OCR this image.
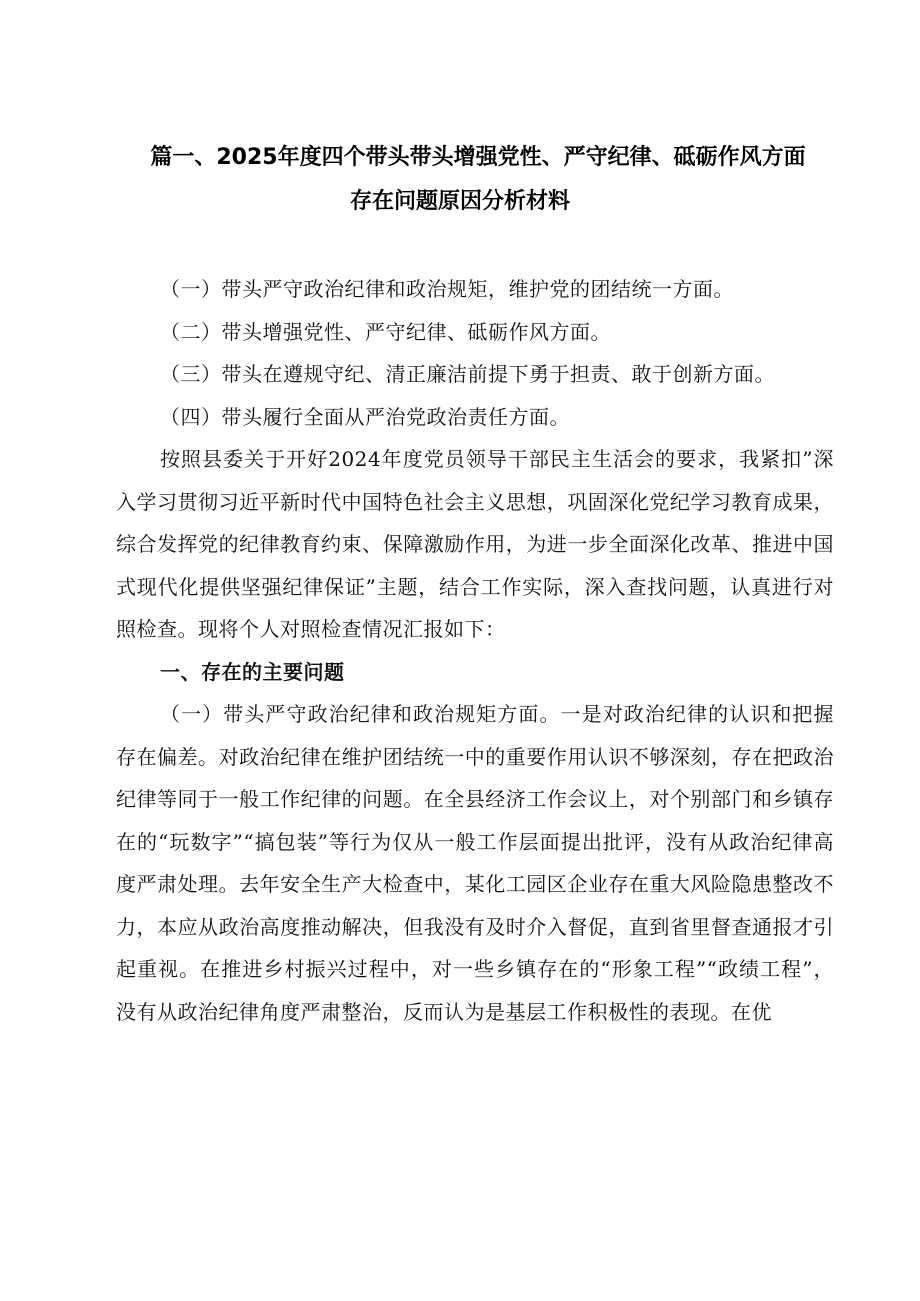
篇一、2025年度四个带头带头增强党性、严守纪律、砥砺作风方面
存在问题原因分析材料

（一）带头严守政治纪律和政治规矩，维护党的团结统一方面。

（二）带头增强党性、严守纪律、砥砺作风方面。

（三）带头在遵规守纪、清正廉洁前提下勇于担责、敢于创新方面。

（四）带头履行全面从严治党政治责任方面。

按照县委关于开好2024年度党员领导干部民主生活会的要求，我紧扣”深入学习贯彻习近平新时代中国特色社会主义思想，巩固深化党纪学习教育成果，综合发挥党的纪律教育约束、保障激励作用，为进一步全面深化改革、推进中国式现代化提供坚强纪律保证”主题，结合工作实际，深入查找问题，认真进行对照检查。现将个人对照检查情况汇报如下：

一、存在的主要问题

（一）带头严守政治纪律和政治规矩方面。一是对政治纪律的认识和把握存在偏差。对政治纪律在维护团结统一中的重要作用认识不够深刻，存在把政治纪律等同于一般工作纪律的问题。在全县经济工作会议上，对个别部门和乡镇存在的“玩数字”“搞包装”等行为仅从一般工作层面提出批评，没有从政治纪律高度严肃处理。去年安全生产大检查中，某化工园区企业存在重大风险隐患整改不力，本应从政治高度推动解决，但我没有及时介入督促，直到省里督查通报才引起重视。在推进乡村振兴过程中，对一些乡镇存在的“形象工程”“政绩工程”，没有从政治纪律角度严肃整治，反而认为是基层工作积极性的表现。在优
